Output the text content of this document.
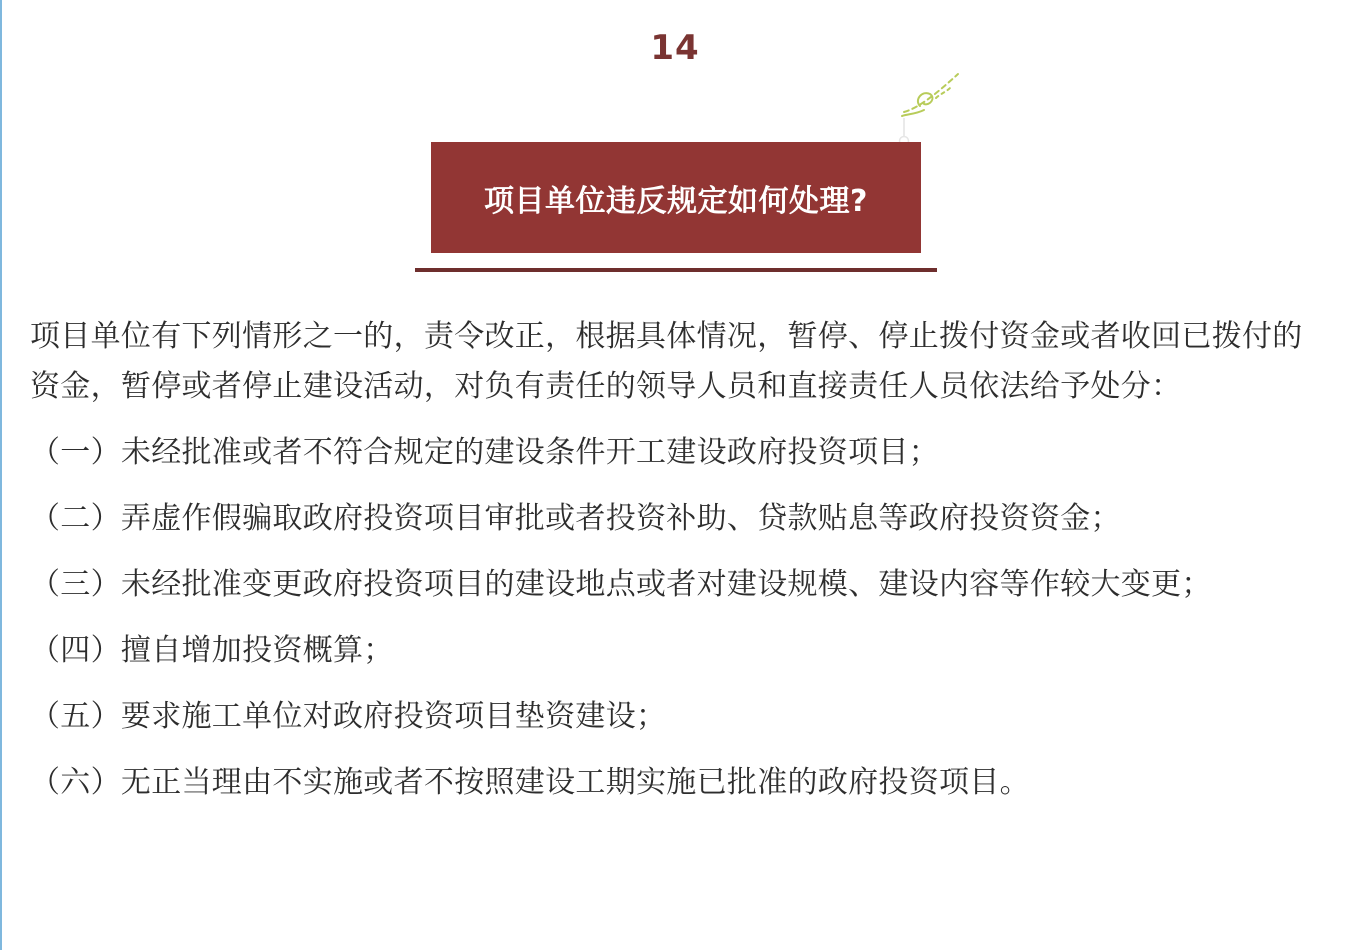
14
项目单位违反规定如何处理?

项目单位有下列情形之一的，责令改正，根据具体情况，暂停、停止拨付资金或者收回已拨付的资金，暂停或者停止建设活动，对负有责任的领导人员和直接责任人员依法给予处分：

（一）未经批准或者不符合规定的建设条件开工建设政府投资项目；

（二）弄虚作假骗取政府投资项目审批或者投资补助、贷款贴息等政府投资资金；

（三）未经批准变更政府投资项目的建设地点或者对建设规模、建设内容等作较大变更；

（四）擅自增加投资概算；

（五）要求施工单位对政府投资项目垫资建设；

（六）无正当理由不实施或者不按照建设工期实施已批准的政府投资项目。
